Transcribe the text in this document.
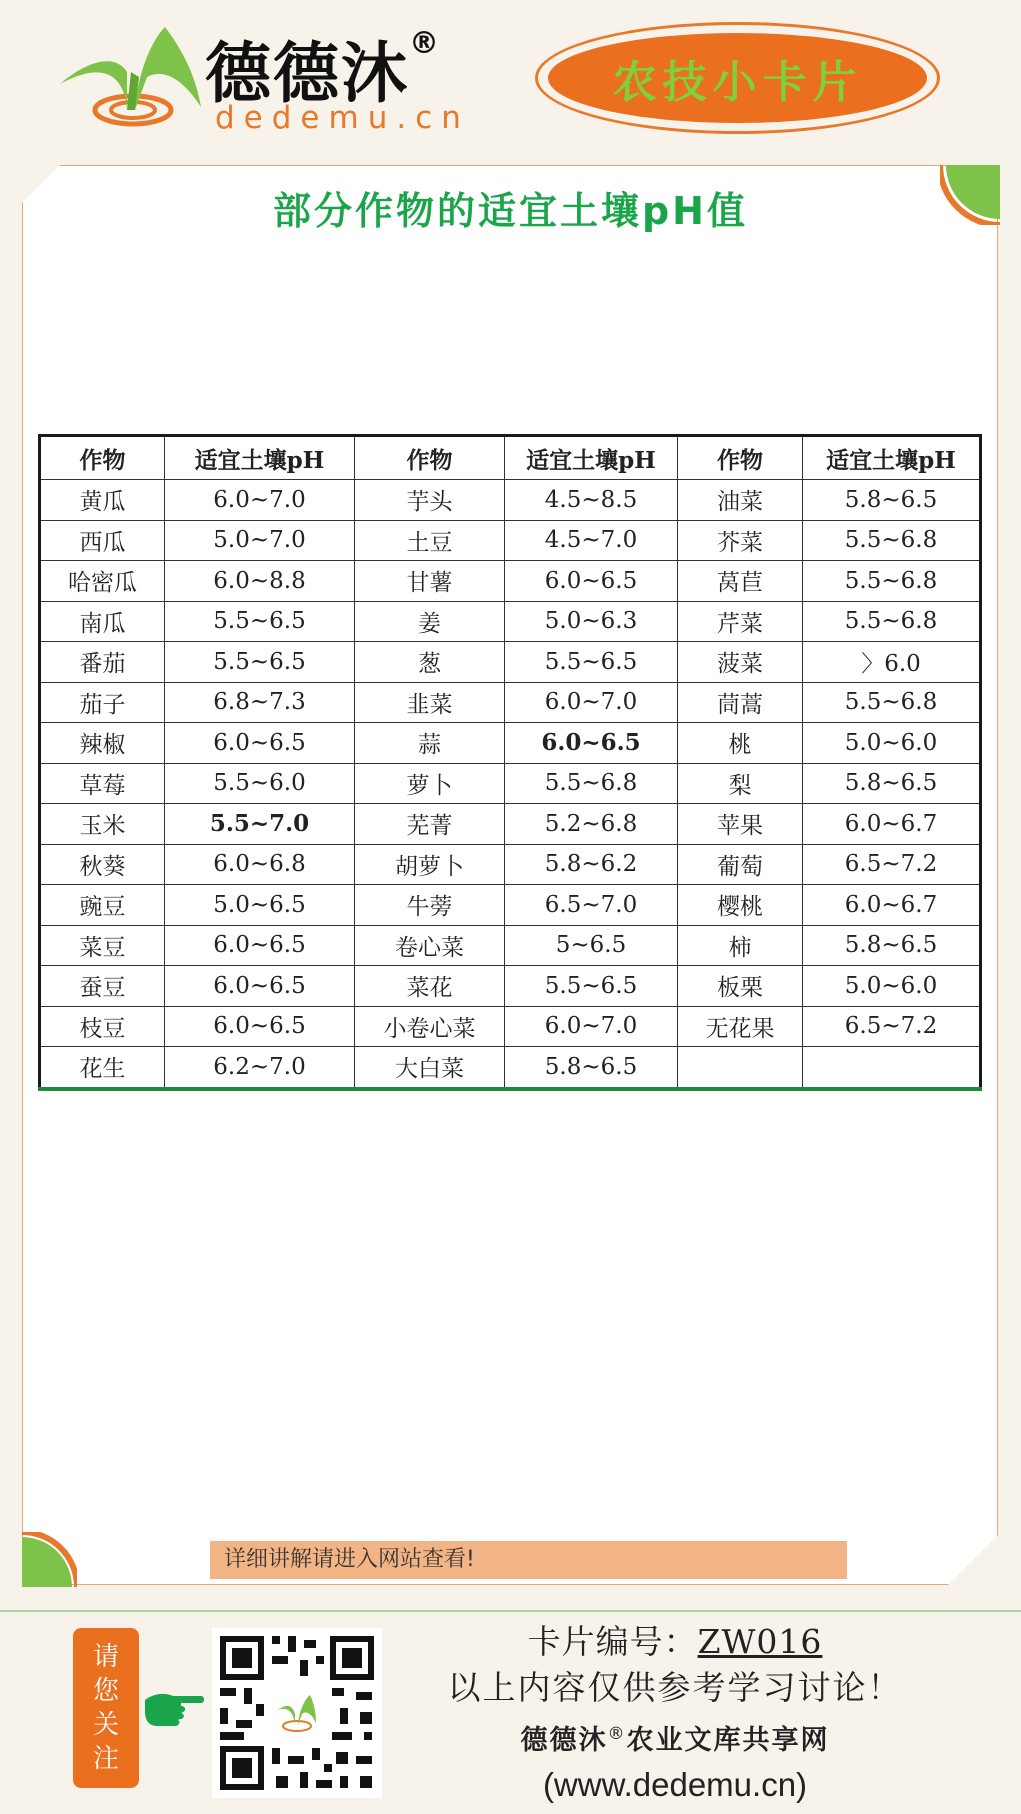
德德沐®
dedemu.cn
农技小卡片
部分作物的适宜土壤pH值
作物	适宜土壤pH	作物	适宜土壤pH	作物	适宜土壤pH
黄瓜	6.0~7.0	芋头	4.5~8.5	油菜	5.8~6.5
西瓜	5.0~7.0	土豆	4.5~7.0	芥菜	5.5~6.8
哈密瓜	6.0~8.8	甘薯	6.0~6.5	莴苣	5.5~6.8
南瓜	5.5~6.5	姜	5.0~6.3	芹菜	5.5~6.8
番茄	5.5~6.5	葱	5.5~6.5	菠菜	〉6.0
茄子	6.8~7.3	韭菜	6.0~7.0	茼蒿	5.5~6.8
辣椒	6.0~6.5	蒜	6.0~6.5	桃	5.0~6.0
草莓	5.5~6.0	萝卜	5.5~6.8	梨	5.8~6.5
玉米	5.5~7.0	芜菁	5.2~6.8	苹果	6.0~6.7
秋葵	6.0~6.8	胡萝卜	5.8~6.2	葡萄	6.5~7.2
豌豆	5.0~6.5	牛蒡	6.5~7.0	樱桃	6.0~6.7
菜豆	6.0~6.5	卷心菜	5~6.5	柿	5.8~6.5
蚕豆	6.0~6.5	菜花	5.5~6.5	板栗	5.0~6.0
枝豆	6.0~6.5	小卷心菜	6.0~7.0	无花果	6.5~7.2
花生	6.2~7.0	大白菜	5.8~6.5		
详细讲解请进入网站查看!
请您关注
卡片编号：ZW016
以上内容仅供参考学习讨论！
德德沐®农业文库共享网
(www.dedemu.cn)
